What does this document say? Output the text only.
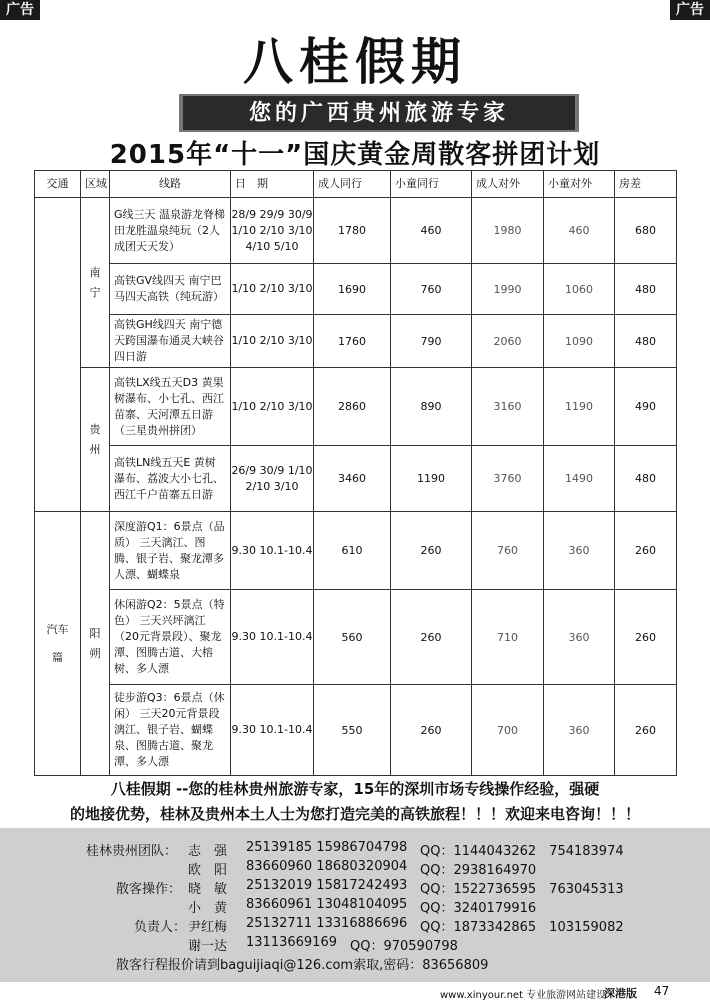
广告	广告
八桂假期
您的广西贵州旅游专家
2015年“十一”国庆黄金周散客拼团计划
交通	区域	线路	日　期	成人同行	小童同行	成人对外	小童对外	房差
	南宁	G线三天 温泉游龙脊梯田龙胜温泉纯玩（2人成团天天发）	28/9 29/9 30/9 1/10 2/10 3/10 4/10 5/10	1780	460	1980	460	680
		高铁GV线四天 南宁巴马四天高铁（纯玩游）	1/10 2/10 3/10	1690	760	1990	1060	480
		高铁GH线四天 南宁德天跨国瀑布通灵大峡谷四日游	1/10 2/10 3/10	1760	790	2060	1090	480
	贵州	高铁LX线五天D3 黄果树瀑布、小七孔、西江苗寨、天河潭五日游（三星贵州拼团）	1/10 2/10 3/10	2860	890	3160	1190	490
		高铁LN线五天E 黄树瀑布、荔波大小七孔、西江千户苗寨五日游	26/9 30/9 1/10 2/10 3/10	3460	1190	3760	1490	480
汽车篇	阳朔	深度游Q1：6景点（品质） 三天漓江、图腾、银子岩、聚龙潭多人漂、蝴蝶泉	9.30 10.1-10.4	610	260	760	360	260
		休闲游Q2：5景点（特色） 三天兴坪漓江（20元背景段）、聚龙潭、图腾古道、大榕树、多人漂	9.30 10.1-10.4	560	260	710	360	260
		徒步游Q3：6景点（休闲） 三天20元背景段漓江、银子岩、蝴蝶泉、图腾古道、聚龙潭、多人漂	9.30 10.1-10.4	550	260	700	360	260
八桂假期 --您的桂林贵州旅游专家，15年的深圳市场专线操作经验，强硬
的地接优势，桂林及贵州本土人士为您打造完美的高铁旅程！！！欢迎来电咨询！！！
桂林贵州团队： 志　强 25139185 15986704798 QQ：1144043262　754183974
欧　阳 83660960 18680320904 QQ：2938164970
散客操作： 晓　敏 25132019 15817242493 QQ：1522736595　763045313
小　黄 83660961 13048104095 QQ：3240179916
负责人： 尹红梅 25132711 13316886696 QQ：1873342865　103159082
谢一达 13113669169 QQ：970590798
散客行程报价请到baguijiaqi@126.com索取,密码：83656809
www.xinyour.net 专业旅游网站建设
深港版 47
